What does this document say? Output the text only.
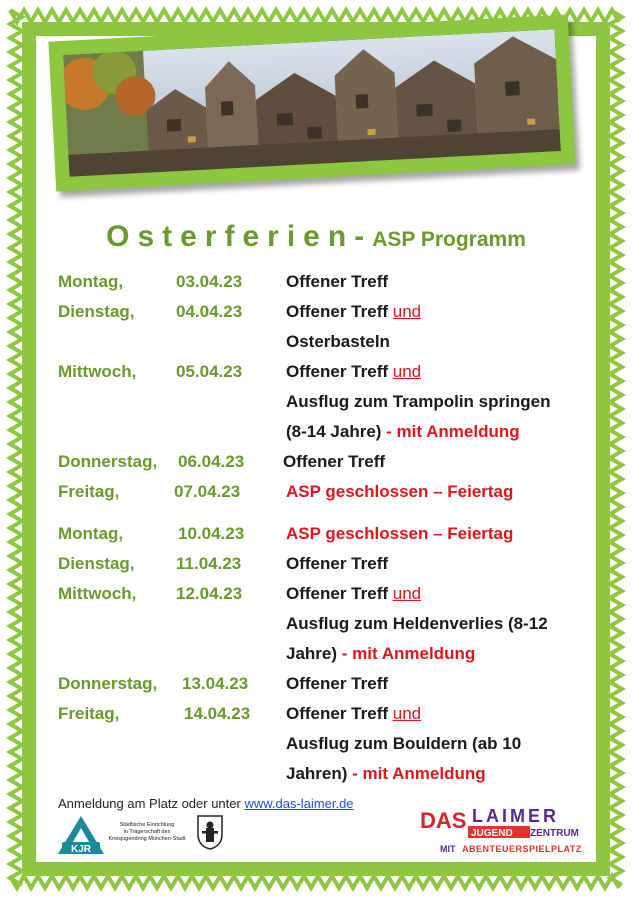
Osterferien- ASP Programm
Montag,	03.04.23	Offener Treff
Dienstag, 04.04.23	Offener Treff und
Osterbasteln
Mittwoch, 05.04.23	Offener Treff und
Ausflug zum Trampolin springen
(8-14 Jahre) - mit Anmeldung
Donnerstag, 06.04.23 Offener Treff
Freitag,	07.04.23	ASP geschlossen – Feiertag
Montag,	10.04.23 ASP geschlossen – Feiertag
Dienstag, 11.04.23	Offener Treff
Mittwoch, 12.04.23	Offener Treff und
Ausflug zum Heldenverlies (8-12
Jahre) - mit Anmeldung
Donnerstag, 13.04.23 Offener Treff
Freitag,	14.04.23 Offener Treff und
Ausflug zum Bouldern (ab 10
Jahren) - mit Anmeldung
Anmeldung am Platz oder unter www.das-laimer.de
KJR
Städtische Einrichtung
in Trägerschaft des
Kreisjugendring München-Stadt
DAS LAIMER
JUGEND ZENTRUM
MIT ABENTEUERSPIELPLATZ
